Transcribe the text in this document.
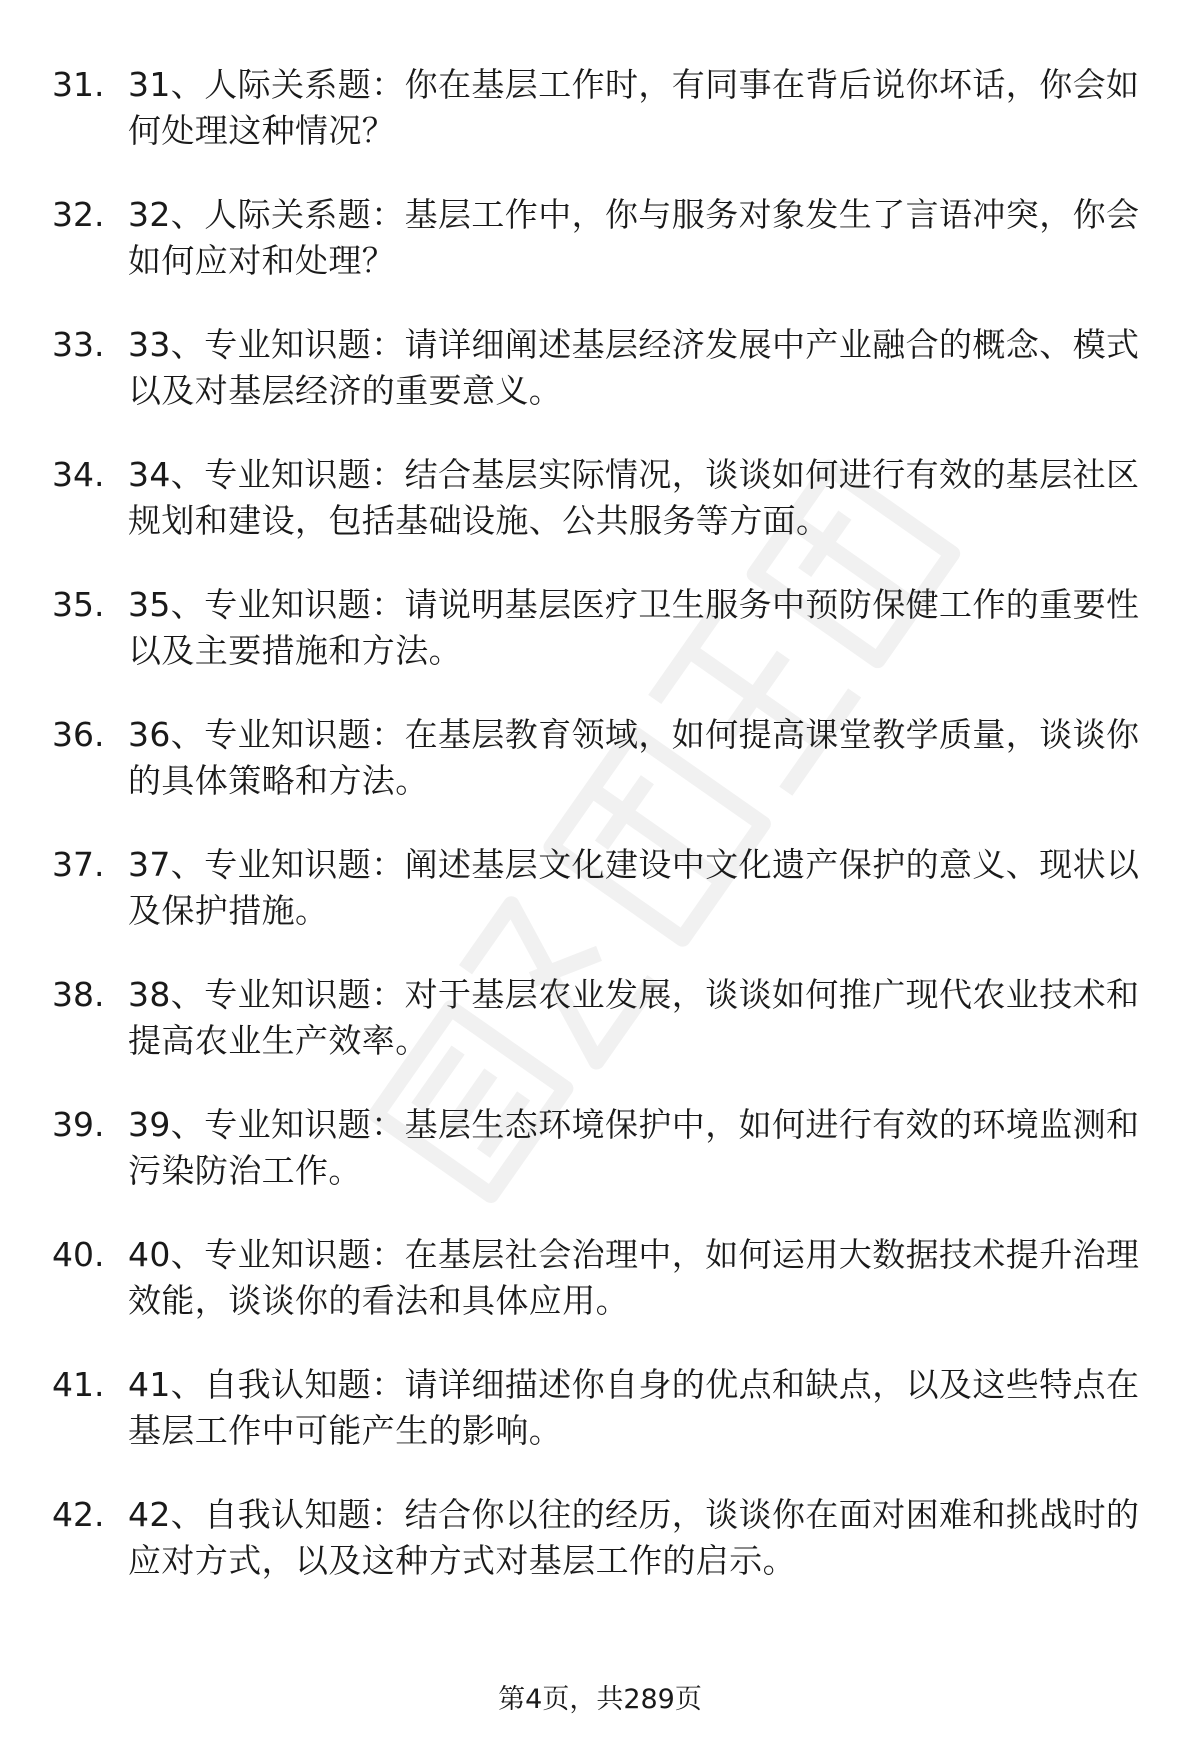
31. 31、人际关系题：你在基层工作时，有同事在背后说你坏话，你会如何处理这种情况？
32. 32、人际关系题：基层工作中，你与服务对象发生了言语冲突，你会如何应对和处理？
33. 33、专业知识题：请详细阐述基层经济发展中产业融合的概念、模式以及对基层经济的重要意义。
34. 34、专业知识题：结合基层实际情况，谈谈如何进行有效的基层社区规划和建设，包括基础设施、公共服务等方面。
35. 35、专业知识题：请说明基层医疗卫生服务中预防保健工作的重要性以及主要措施和方法。
36. 36、专业知识题：在基层教育领域，如何提高课堂教学质量，谈谈你的具体策略和方法。
37. 37、专业知识题：阐述基层文化建设中文化遗产保护的意义、现状以及保护措施。
38. 38、专业知识题：对于基层农业发展，谈谈如何推广现代农业技术和提高农业生产效率。
39. 39、专业知识题：基层生态环境保护中，如何进行有效的环境监测和污染防治工作。
40. 40、专业知识题：在基层社会治理中，如何运用大数据技术提升治理效能，谈谈你的看法和具体应用。
41. 41、自我认知题：请详细描述你自身的优点和缺点，以及这些特点在基层工作中可能产生的影响。
42. 42、自我认知题：结合你以往的经历，谈谈你在面对困难和挑战时的应对方式，以及这种方式对基层工作的启示。
第4页，共289页
